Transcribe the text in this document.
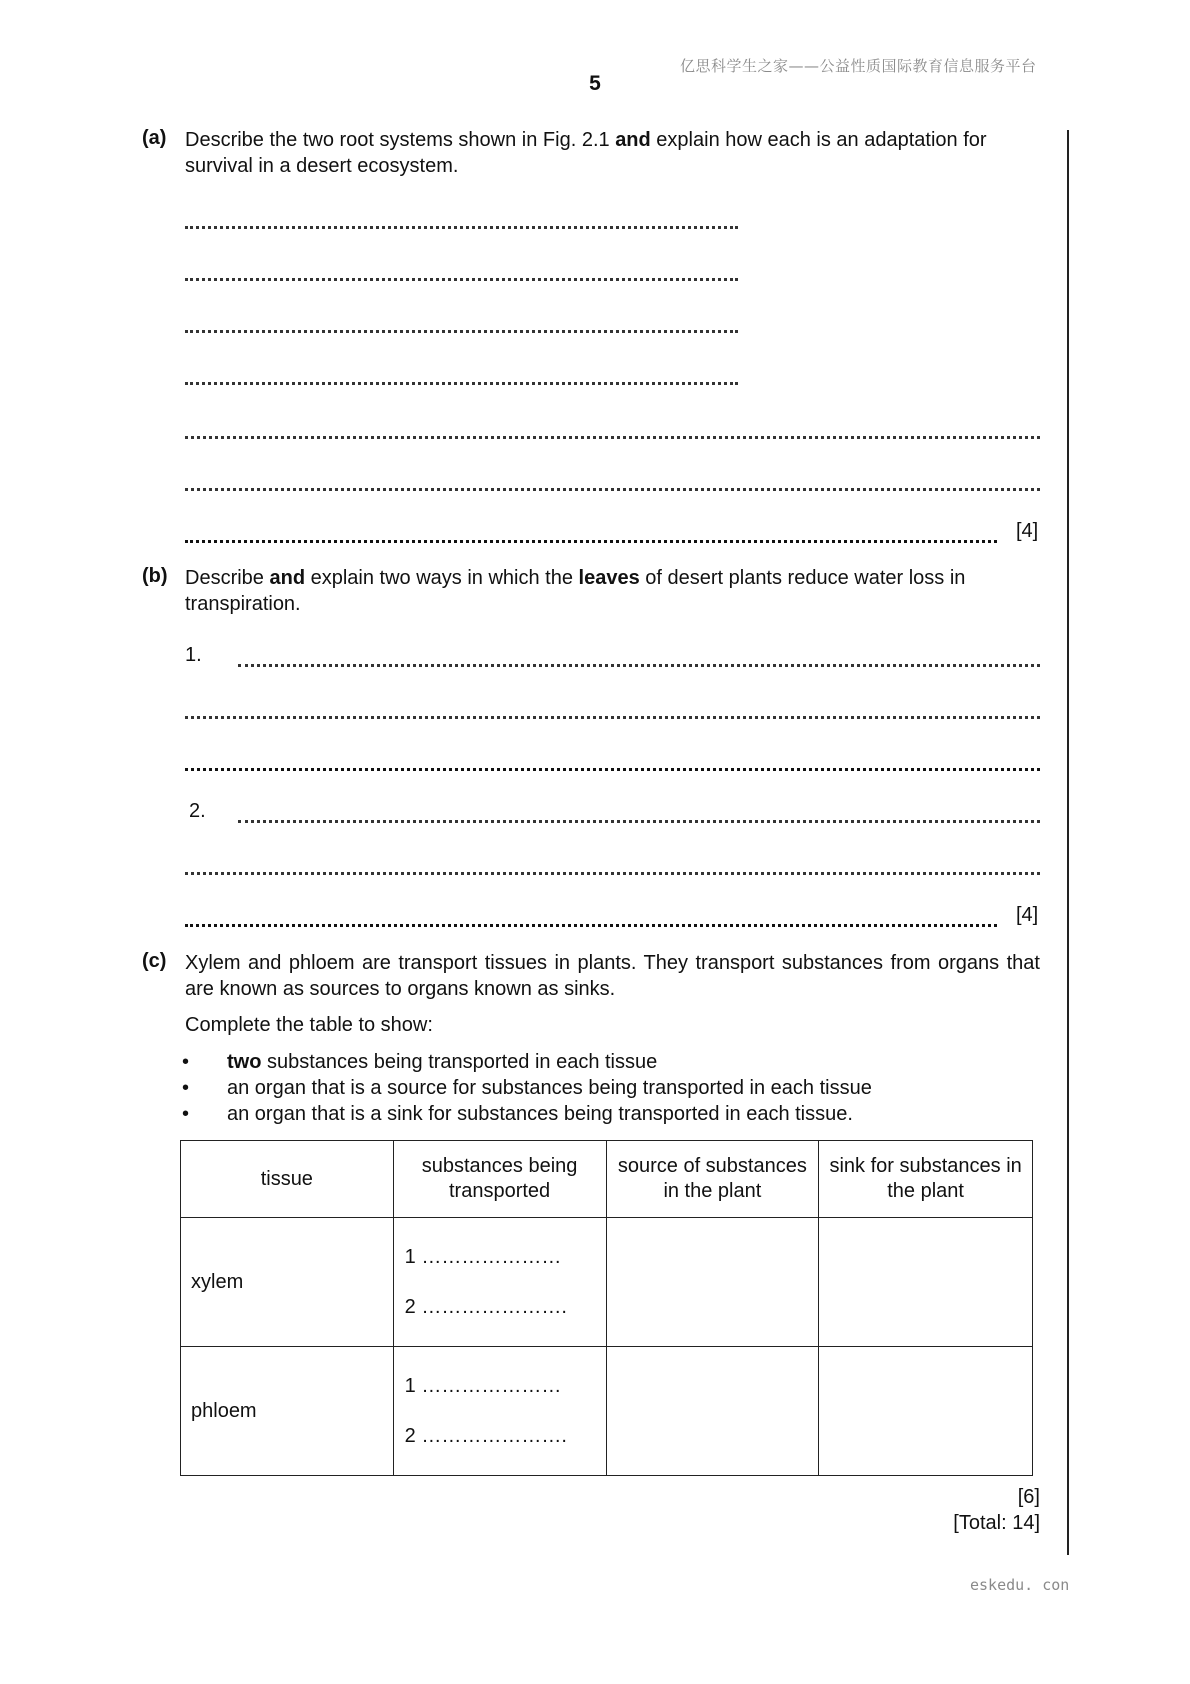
亿思科学生之家——公益性质国际教育信息服务平台
5
(a) Describe the two root systems shown in Fig. 2.1 and explain how each is an adaptation for survival in a desert ecosystem.
[4]
(b) Describe and explain two ways in which the leaves of desert plants reduce water loss in transpiration.
1.
2.
[4]
(c) Xylem and phloem are transport tissues in plants. They transport substances from organs that are known as sources to organs known as sinks.
Complete the table to show:
• two substances being transported in each tissue
• an organ that is a source for substances being transported in each tissue
• an organ that is a sink for substances being transported in each tissue.
tissue	substances being transported	source of substances in the plant	sink for substances in the plant
xylem	1 …………………
2 ………………….		

phloem	1 …………………
2 ………………….		

[6]
[Total: 14]
eskedu. con
